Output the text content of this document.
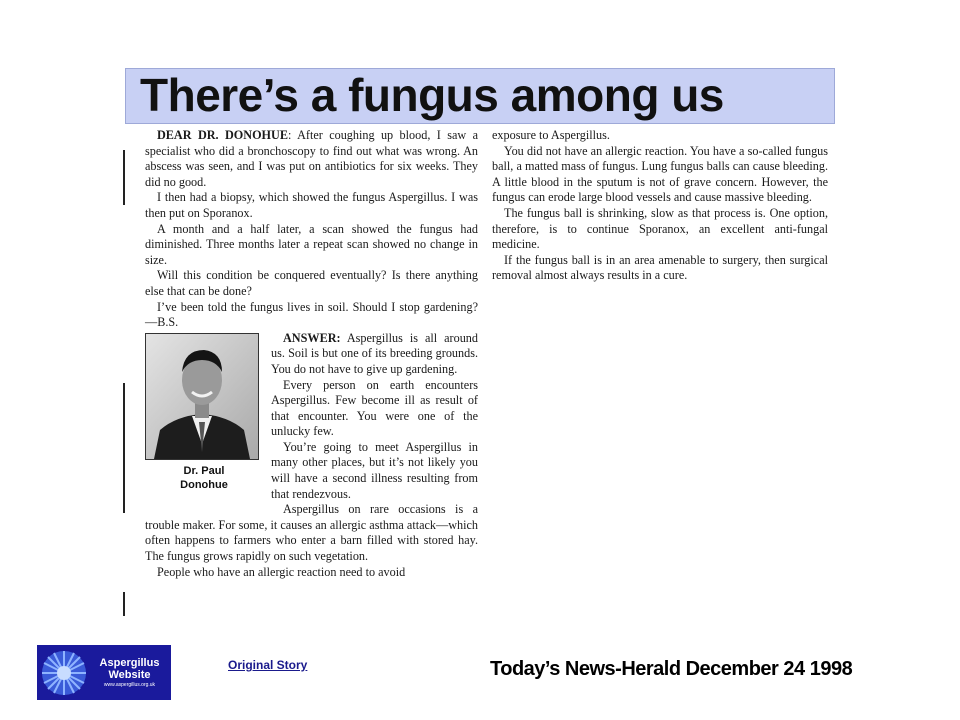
There’s a fungus among us

DEAR DR. DONOHUE: After coughing up blood, I saw a specialist who did a bronchoscopy to find out what was wrong. An abscess was seen, and I was put on antibiotics for six weeks. They did no good.

I then had a biopsy, which showed the fungus Aspergillus. I was then put on Sporanox.

A month and a half later, a scan showed the fungus had diminished. Three months later a repeat scan showed no change in size.

Will this condition be conquered eventually? Is there anything else that can be done?

I’ve been told the fungus lives in soil. Should I stop gardening?—B.S.

Dr. Paul
Donohue

ANSWER: Aspergillus is all around us. Soil is but one of its breeding grounds. You do not have to give up gardening.

Every person on earth encounters Aspergillus. Few become ill as result of that encounter. You were one of the unlucky few.

You’re going to meet Aspergillus in many other places, but it’s not likely you will have a second illness resulting from that rendezvous.

Aspergillus on rare occasions is a trouble maker. For some, it causes an allergic asthma attack—which often happens to farmers who enter a barn filled with stored hay. The fungus grows rapidly on such vegetation.

People who have an allergic reaction need to avoid

exposure to Aspergillus.

You did not have an allergic reaction. You have a so-called fungus ball, a matted mass of fungus. Lung fungus balls can cause bleeding. A little blood in the sputum is not of grave concern. However, the fungus can erode large blood vessels and cause massive bleeding.

The fungus ball is shrinking, slow as that process is. One option, therefore, is to continue Sporanox, an excellent anti-fungal medicine.

If the fungus ball is in an area amenable to surgery, then surgical removal almost always results in a cure.

Aspergillus
Website
www.aspergillus.org.uk
Original Story	Today’s News-Herald December 24 1998
